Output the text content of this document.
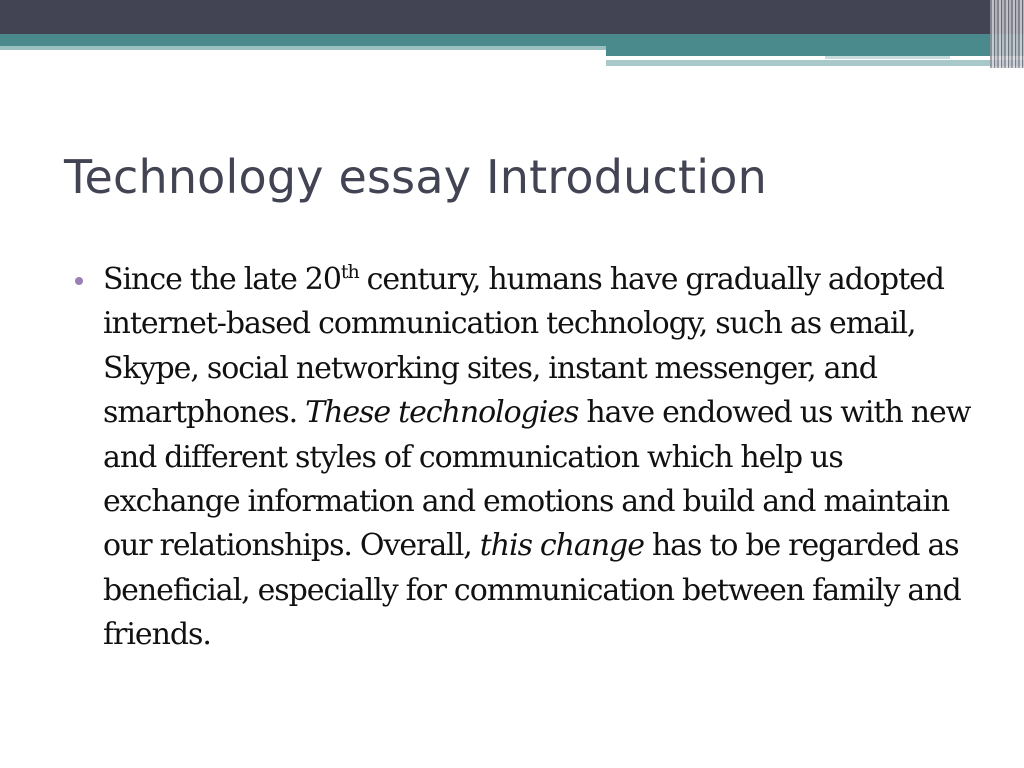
Technology essay Introduction
Since the late 20th century, humans have gradually adopted internet-based communication technology, such as email, Skype, social networking sites, instant messenger, and smartphones. These technologies have endowed us with new and different styles of communication which help us exchange information and emotions and build and maintain our relationships. Overall, this change has to be regarded as beneficial, especially for communication between family and friends.
